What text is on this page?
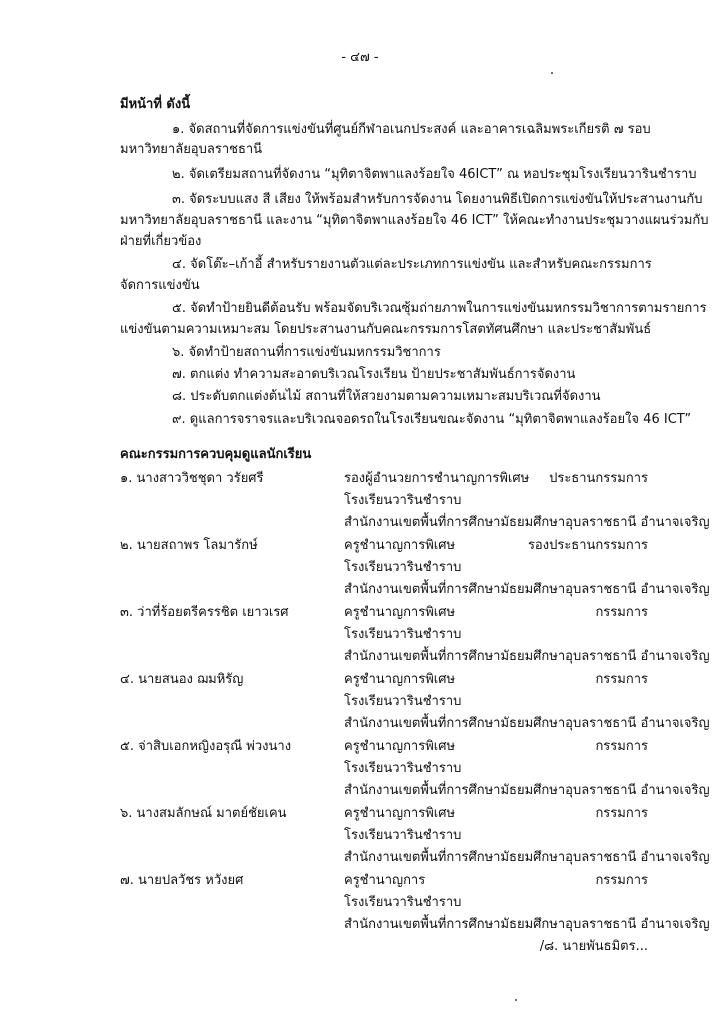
- ๔๗ -
มีหน้าที่ ดังนี้
๑. จัดสถานที่จัดการแข่งขันที่ศูนย์กีฬาอเนกประสงค์ และอาคารเฉลิมพระเกียรติ ๗ รอบ
มหาวิทยาลัยอุบลราชธานี
๒. จัดเตรียมสถานที่จัดงาน “มุทิตาจิตพาแลงร้อยใจ 46ICT” ณ หอประชุมโรงเรียนวารินชำราบ
๓. จัดระบบแสง สี เสียง ให้พร้อมสำหรับการจัดงาน โดยงานพิธีเปิดการแข่งขันให้ประสานงานกับ
มหาวิทยาลัยอุบลราชธานี และงาน “มุทิตาจิตพาแลงร้อยใจ 46 ICT” ให้คณะทำงานประชุมวางแผนร่วมกับ
ฝ่ายที่เกี่ยวข้อง
๔. จัดโต๊ะ–เก้าอี้ สำหรับรายงานตัวแต่ละประเภทการแข่งขัน และสำหรับคณะกรรมการ
จัดการแข่งขัน
๕. จัดทำป้ายยินดีต้อนรับ พร้อมจัดบริเวณซุ้มถ่ายภาพในการแข่งขันมหกรรมวิชาการตามรายการ
แข่งขันตามความเหมาะสม โดยประสานงานกับคณะกรรมการโสตทัศนศึกษา และประชาสัมพันธ์
๖. จัดทำป้ายสถานที่การแข่งขันมหกรรมวิชาการ
๗. ตกแต่ง ทำความสะอาดบริเวณโรงเรียน ป้ายประชาสัมพันธ์การจัดงาน
๘. ประดับตกแต่งต้นไม้ สถานที่ให้สวยงามตามความเหมาะสมบริเวณที่จัดงาน
๙. ดูแลการจราจรและบริเวณจอดรถในโรงเรียนขณะจัดงาน “มุทิตาจิตพาแลงร้อยใจ 46 ICT”
คณะกรรมการควบคุมดูแลนักเรียน
๑. นางสาววิชชุดา วรัยศรี	รองผู้อำนวยการชำนาญการพิเศษ ประธานกรรมการ
โรงเรียนวารินชำราบ
สำนักงานเขตพื้นที่การศึกษามัธยมศึกษาอุบลราชธานี อำนาจเจริญ
๒. นายสถาพร โลมารักษ์	ครูชำนาญการพิเศษ	รองประธานกรรมการ
โรงเรียนวารินชำราบ
สำนักงานเขตพื้นที่การศึกษามัธยมศึกษาอุบลราชธานี อำนาจเจริญ
๓. ว่าที่ร้อยตรีครรชิต เยาวเรศ	ครูชำนาญการพิเศษ	กรรมการ
โรงเรียนวารินชำราบ
สำนักงานเขตพื้นที่การศึกษามัธยมศึกษาอุบลราชธานี อำนาจเจริญ
๔. นายสนอง ฌมหิรัญ	ครูชำนาญการพิเศษ	กรรมการ
โรงเรียนวารินชำราบ
สำนักงานเขตพื้นที่การศึกษามัธยมศึกษาอุบลราชธานี อำนาจเจริญ
๕. จ่าสิบเอกหญิงอรุณี พ่วงนาง	ครูชำนาญการพิเศษ	กรรมการ
โรงเรียนวารินชำราบ
สำนักงานเขตพื้นที่การศึกษามัธยมศึกษาอุบลราชธานี อำนาจเจริญ
๖. นางสมลักษณ์ มาตย์ชัยเคน	ครูชำนาญการพิเศษ	กรรมการ
โรงเรียนวารินชำราบ
สำนักงานเขตพื้นที่การศึกษามัธยมศึกษาอุบลราชธานี อำนาจเจริญ
๗. นายปลวัชร หวังยศ	ครูชำนาญการ	กรรมการ
โรงเรียนวารินชำราบ
สำนักงานเขตพื้นที่การศึกษามัธยมศึกษาอุบลราชธานี อำนาจเจริญ
/๘. นายพันธมิตร...
